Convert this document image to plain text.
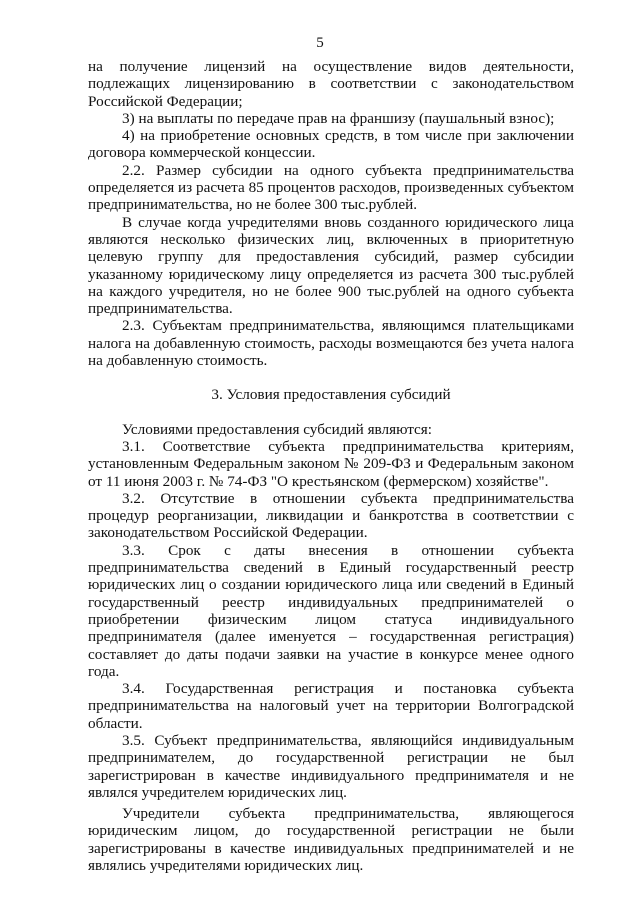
5

на получение лицензий на осуществление видов деятельности, подлежащих лицензированию в соответствии с законодательством Российской Федерации;

3) на выплаты по передаче прав на франшизу (паушальный взнос);

4) на приобретение основных средств, в том числе при заключении договора коммерческой концессии.

2.2. Размер субсидии на одного субъекта предпринимательства определяется из расчета 85 процентов расходов, произведенных субъектом предпринимательства, но не более 300 тыс.рублей.

В случае когда учредителями вновь созданного юридического лица являются несколько физических лиц, включенных в приоритетную целевую группу для предоставления субсидий, размер субсидии указанному юридическому лицу определяется из расчета 300 тыс.рублей на каждого учредителя, но не более 900 тыс.рублей на одного субъекта предпринимательства.

2.3. Субъектам предпринимательства, являющимся плательщиками налога на добавленную стоимость, расходы возмещаются без учета налога на добавленную стоимость.

3. Условия предоставления субсидий

Условиями предоставления субсидий являются:

3.1. Соответствие субъекта предпринимательства критериям, установленным Федеральным законом № 209-ФЗ и Федеральным законом от 11 июня 2003 г. № 74-ФЗ "О крестьянском (фермерском) хозяйстве".

3.2. Отсутствие в отношении субъекта предпринимательства процедур реорганизации, ликвидации и банкротства в соответствии с законодательством Российской Федерации.

3.3. Срок с даты внесения в отношении субъекта предпринимательства сведений в Единый государственный реестр юридических лиц о создании юридического лица или сведений в Единый государственный реестр индивидуальных предпринимателей о приобретении физическим лицом статуса индивидуального предпринимателя (далее именуется – государственная регистрация) составляет до даты подачи заявки на участие в конкурсе менее одного года.

3.4. Государственная регистрация и постановка субъекта предпринимательства на налоговый учет на территории Волгоградской области.

3.5. Субъект предпринимательства, являющийся индивидуальным предпринимателем, до государственной регистрации не был зарегистрирован в качестве индивидуального предпринимателя и не являлся учредителем юридических лиц.

Учредители субъекта предпринимательства, являющегося юридическим лицом, до государственной регистрации не были зарегистрированы в качестве индивидуальных предпринимателей и не являлись учредителями юридических лиц.
